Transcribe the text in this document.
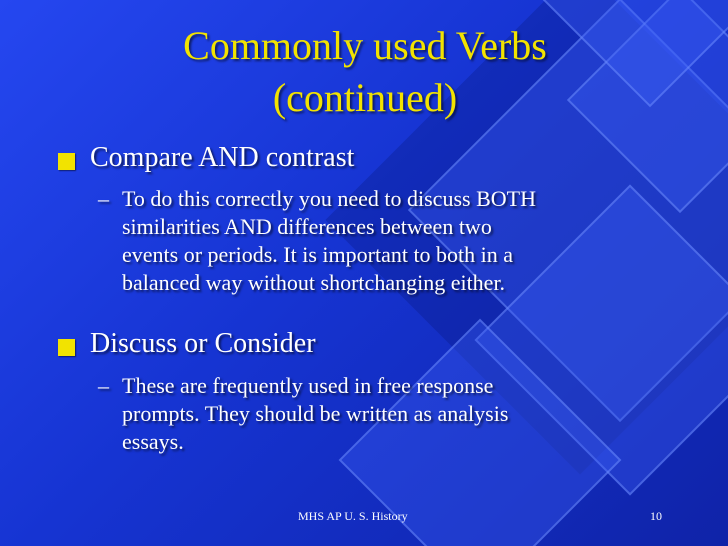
Commonly used Verbs
(continued)
Compare AND contrast
– To do this correctly you need to discuss BOTH
similarities AND differences between two
events or periods. It is important to both in a
balanced way without shortchanging either.
Discuss or Consider
– These are frequently used in free response
prompts. They should be written as analysis
essays.
MHS AP U. S. History	10
